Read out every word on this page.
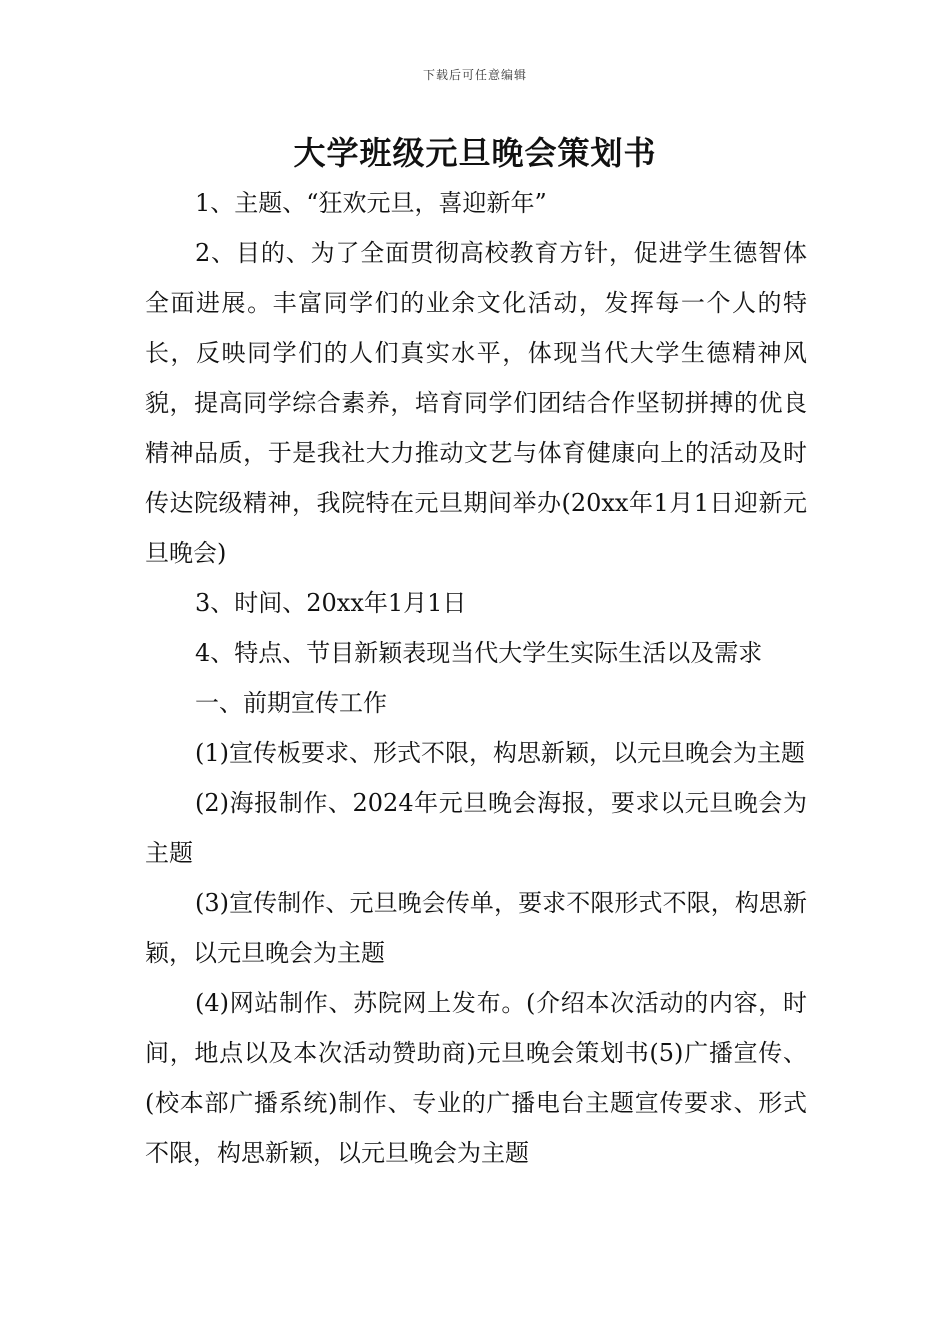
下载后可任意编辑
大学班级元旦晚会策划书

1、主题、“狂欢元旦，喜迎新年”

2、目的、为了全面贯彻高校教育方针，促进学生德智体全面进展。丰富同学们的业余文化活动，发挥每一个人的特长，反映同学们的人们真实水平，体现当代大学生德精神风貌，提高同学综合素养，培育同学们团结合作坚韧拼搏的优良精神品质，于是我社大力推动文艺与体育健康向上的活动及时传达院级精神，我院特在元旦期间举办(20xx年1月1日迎新元旦晚会)

3、时间、20xx年1月1日

4、特点、节目新颖表现当代大学生实际生活以及需求

一、前期宣传工作

(1)宣传板要求、形式不限，构思新颖，以元旦晚会为主题

(2)海报制作、2024年元旦晚会海报，要求以元旦晚会为主题

(3)宣传制作、元旦晚会传单，要求不限形式不限，构思新颖，以元旦晚会为主题

(4)网站制作、苏院网上发布。(介绍本次活动的内容，时间，地点以及本次活动赞助商)元旦晚会策划书(5)广播宣传、(校本部广播系统)制作、专业的广播电台主题宣传要求、形式不限，构思新颖，以元旦晚会为主题
